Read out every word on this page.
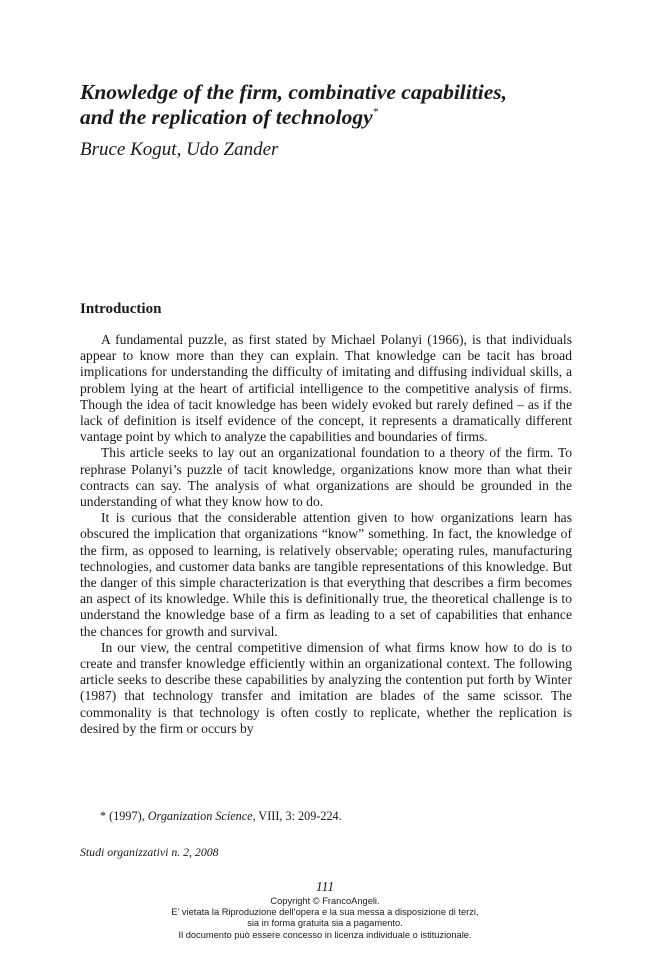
Knowledge of the firm, combinative capabilities,
and the replication of technology*

Bruce Kogut, Udo Zander

Introduction

A fundamental puzzle, as first stated by Michael Polanyi (1966), is that individuals appear to know more than they can explain. That knowledge can be tacit has broad implications for understanding the difficulty of imitating and diffusing individual skills, a problem lying at the heart of artificial intelligence to the competitive analysis of firms. Though the idea of tacit knowledge has been widely evoked but rarely defined – as if the lack of definition is itself evidence of the concept, it represents a dramatically different vantage point by which to analyze the capabilities and boundaries of firms.

This article seeks to lay out an organizational foundation to a theory of the firm. To rephrase Polanyi’s puzzle of tacit knowledge, organizations know more than what their contracts can say. The analysis of what organizations are should be grounded in the understanding of what they know how to do.

It is curious that the considerable attention given to how organizations learn has obscured the implication that organizations “know” something. In fact, the knowledge of the firm, as opposed to learning, is relatively observable; operating rules, manufacturing technologies, and customer data banks are tangible representations of this knowledge. But the danger of this simple characterization is that everything that describes a firm becomes an aspect of its knowledge. While this is definitionally true, the theoretical challenge is to understand the knowledge base of a firm as leading to a set of capabilities that enhance the chances for growth and survival.

In our view, the central competitive dimension of what firms know how to do is to create and transfer knowledge efficiently within an organizational context. The following article seeks to describe these capabilities by analyzing the contention put forth by Winter (1987) that technology transfer and imitation are blades of the same scissor. The commonality is that technology is often costly to replicate, whether the replication is desired by the firm or occurs by

* (1997), Organization Science, VIII, 3: 209-224.

Studi organizzativi n. 2, 2008

111

Copyright © FrancoAngeli.
E’ vietata la Riproduzione dell’opera e la sua messa a disposizione di terzi,
sia in forma gratuita sia a pagamento.
Il documento può essere concesso in licenza individuale o istituzionale.
